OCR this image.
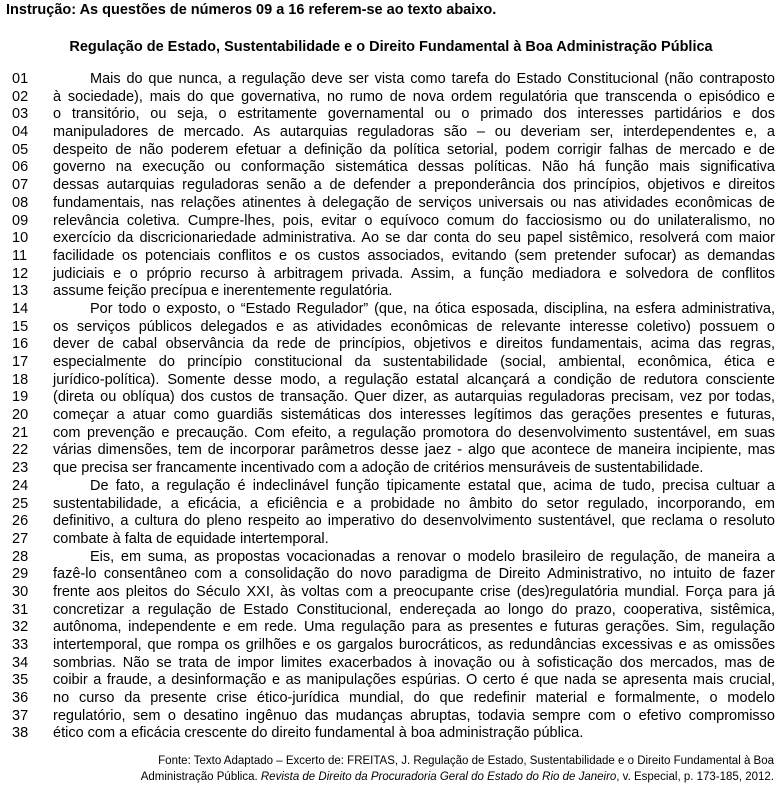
Instrução: As questões de números 09 a 16 referem-se ao texto abaixo.
Regulação de Estado, Sustentabilidade e o Direito Fundamental à Boa Administração Pública
01	Mais do que nunca, a regulação deve ser vista como tarefa do Estado Constitucional (não contraposto
02 à sociedade), mais do que governativa, no rumo de nova ordem regulatória que transcenda o episódico e
03 o transitório, ou seja, o estritamente governamental ou o primado dos interesses partidários e dos
04 manipuladores de mercado. As autarquias reguladoras são – ou deveriam ser, interdependentes e, a
05 despeito de não poderem efetuar a definição da política setorial, podem corrigir falhas de mercado e de
06 governo na execução ou conformação sistemática dessas políticas. Não há função mais significativa
07 dessas autarquias reguladoras senão a de defender a preponderância dos princípios, objetivos e direitos
08 fundamentais, nas relações atinentes à delegação de serviços universais ou nas atividades econômicas de
09 relevância coletiva. Cumpre-lhes, pois, evitar o equívoco comum do facciosismo ou do unilateralismo, no
10 exercício da discricionariedade administrativa. Ao se dar conta do seu papel sistêmico, resolverá com maior
11 facilidade os potenciais conflitos e os custos associados, evitando (sem pretender sufocar) as demandas
12 judiciais e o próprio recurso à arbitragem privada. Assim, a função mediadora e solvedora de conflitos
13 assume feição precípua e inerentemente regulatória.
14	Por todo o exposto, o “Estado Regulador” (que, na ótica esposada, disciplina, na esfera administrativa,
15 os serviços públicos delegados e as atividades econômicas de relevante interesse coletivo) possuem o
16 dever de cabal observância da rede de princípios, objetivos e direitos fundamentais, acima das regras,
17 especialmente do princípio constitucional da sustentabilidade (social, ambiental, econômica, ética e
18 jurídico-política). Somente desse modo, a regulação estatal alcançará a condição de redutora consciente
19 (direta ou oblíqua) dos custos de transação. Quer dizer, as autarquias reguladoras precisam, vez por todas,
20 começar a atuar como guardiãs sistemáticas dos interesses legítimos das gerações presentes e futuras,
21 com prevenção e precaução. Com efeito, a regulação promotora do desenvolvimento sustentável, em suas
22 várias dimensões, tem de incorporar parâmetros desse jaez - algo que acontece de maneira incipiente, mas
23 que precisa ser francamente incentivado com a adoção de critérios mensuráveis de sustentabilidade.
24	De fato, a regulação é indeclinável função tipicamente estatal que, acima de tudo, precisa cultuar a
25 sustentabilidade, a eficácia, a eficiência e a probidade no âmbito do setor regulado, incorporando, em
26 definitivo, a cultura do pleno respeito ao imperativo do desenvolvimento sustentável, que reclama o resoluto
27 combate à falta de equidade intertemporal.
28	Eis, em suma, as propostas vocacionadas a renovar o modelo brasileiro de regulação, de maneira a
29 fazê-lo consentâneo com a consolidação do novo paradigma de Direito Administrativo, no intuito de fazer
30 frente aos pleitos do Século XXI, às voltas com a preocupante crise (des)regulatória mundial. Força para já
31 concretizar a regulação de Estado Constitucional, endereçada ao longo do prazo, cooperativa, sistêmica,
32 autônoma, independente e em rede. Uma regulação para as presentes e futuras gerações. Sim, regulação
33 intertemporal, que rompa os grilhões e os gargalos burocráticos, as redundâncias excessivas e as omissões
34 sombrias. Não se trata de impor limites exacerbados à inovação ou à sofisticação dos mercados, mas de
35 coibir a fraude, a desinformação e as manipulações espúrias. O certo é que nada se apresenta mais crucial,
36 no curso da presente crise ético-jurídica mundial, do que redefinir material e formalmente, o modelo
37 regulatório, sem o desatino ingênuo das mudanças abruptas, todavia sempre com o efetivo compromisso
38 ético com a eficácia crescente do direito fundamental à boa administração pública.
Fonte: Texto Adaptado – Excerto de: FREITAS, J. Regulação de Estado, Sustentabilidade e o Direito Fundamental à Boa
Administração Pública. Revista de Direito da Procuradoria Geral do Estado do Rio de Janeiro, v. Especial, p. 173-185, 2012.
